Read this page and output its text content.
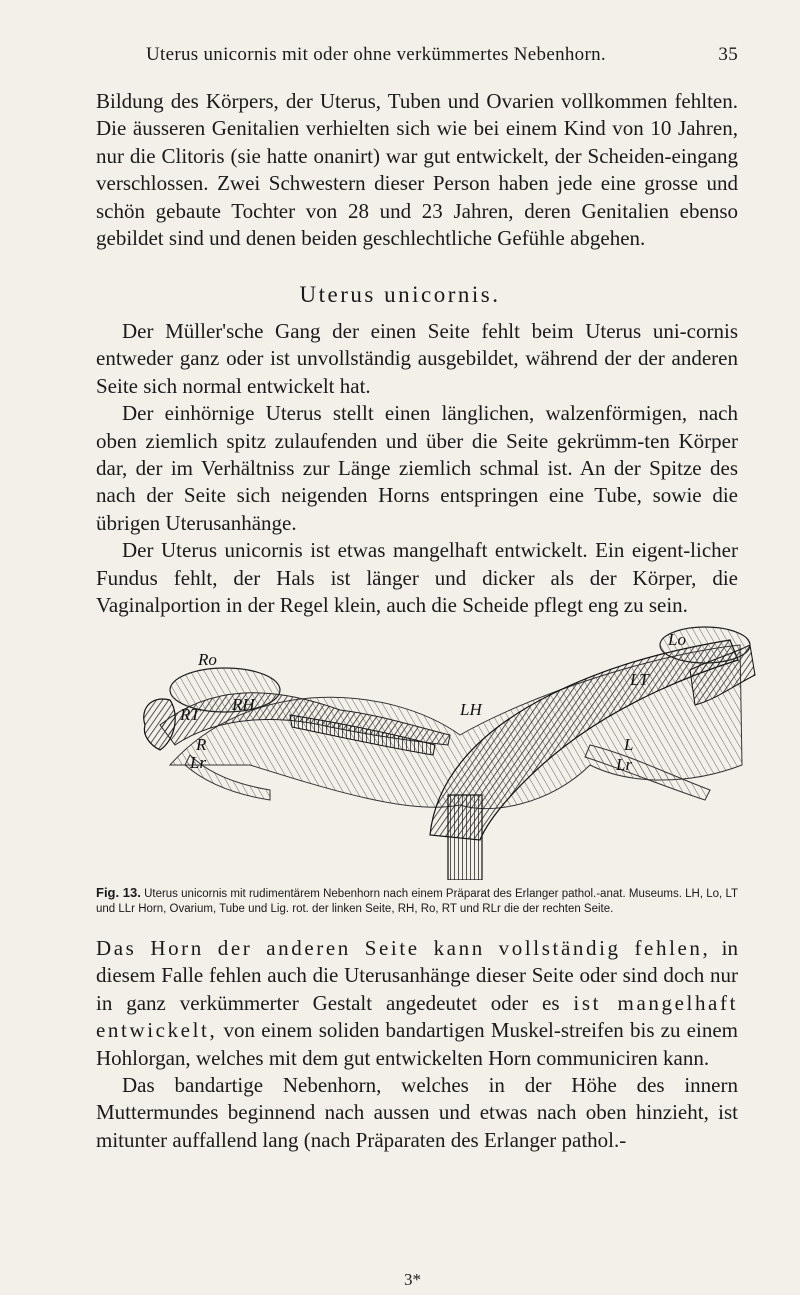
Uterus unicornis mit oder ohne verkümmertes Nebenhorn.	35

Bildung des Körpers, der Uterus, Tuben und Ovarien vollkommen fehlten. Die äusseren Genitalien verhielten sich wie bei einem Kind von 10 Jahren, nur die Clitoris (sie hatte onanirt) war gut entwickelt, der Scheiden-eingang verschlossen. Zwei Schwestern dieser Person haben jede eine grosse und schön gebaute Tochter von 28 und 23 Jahren, deren Genitalien ebenso gebildet sind und denen beiden geschlechtliche Gefühle abgehen.

Uterus unicornis.

Der Müller'sche Gang der einen Seite fehlt beim Uterus uni-cornis entweder ganz oder ist unvollständig ausgebildet, während der der anderen Seite sich normal entwickelt hat.

Der einhörnige Uterus stellt einen länglichen, walzenförmigen, nach oben ziemlich spitz zulaufenden und über die Seite gekrümm-ten Körper dar, der im Verhältniss zur Länge ziemlich schmal ist. An der Spitze des nach der Seite sich neigenden Horns entspringen eine Tube, sowie die übrigen Uterusanhänge.

Der Uterus unicornis ist etwas mangelhaft entwickelt. Ein eigent-licher Fundus fehlt, der Hals ist länger und dicker als der Körper, die Vaginalportion in der Regel klein, auch die Scheide pflegt eng zu sein.

Ro
RT
RH
R
Lr
LH
Lo
LT
L
Lr
Fig. 13. Uterus unicornis mit rudimentärem Nebenhorn nach einem Präparat des Erlanger pathol.-anat. Museums. LH, Lo, LT und LLr Horn, Ovarium, Tube und Lig. rot. der linken Seite, RH, Ro, RT und RLr die der rechten Seite.

Das Horn der anderen Seite kann vollständig fehlen, in diesem Falle fehlen auch die Uterusanhänge dieser Seite oder sind doch nur in ganz verkümmerter Gestalt angedeutet oder es ist mangelhaft entwickelt, von einem soliden bandartigen Muskel-streifen bis zu einem Hohlorgan, welches mit dem gut entwickelten Horn communiciren kann.

Das bandartige Nebenhorn, welches in der Höhe des innern Muttermundes beginnend nach aussen und etwas nach oben hinzieht, ist mitunter auffallend lang (nach Präparaten des Erlanger pathol.-

3*
